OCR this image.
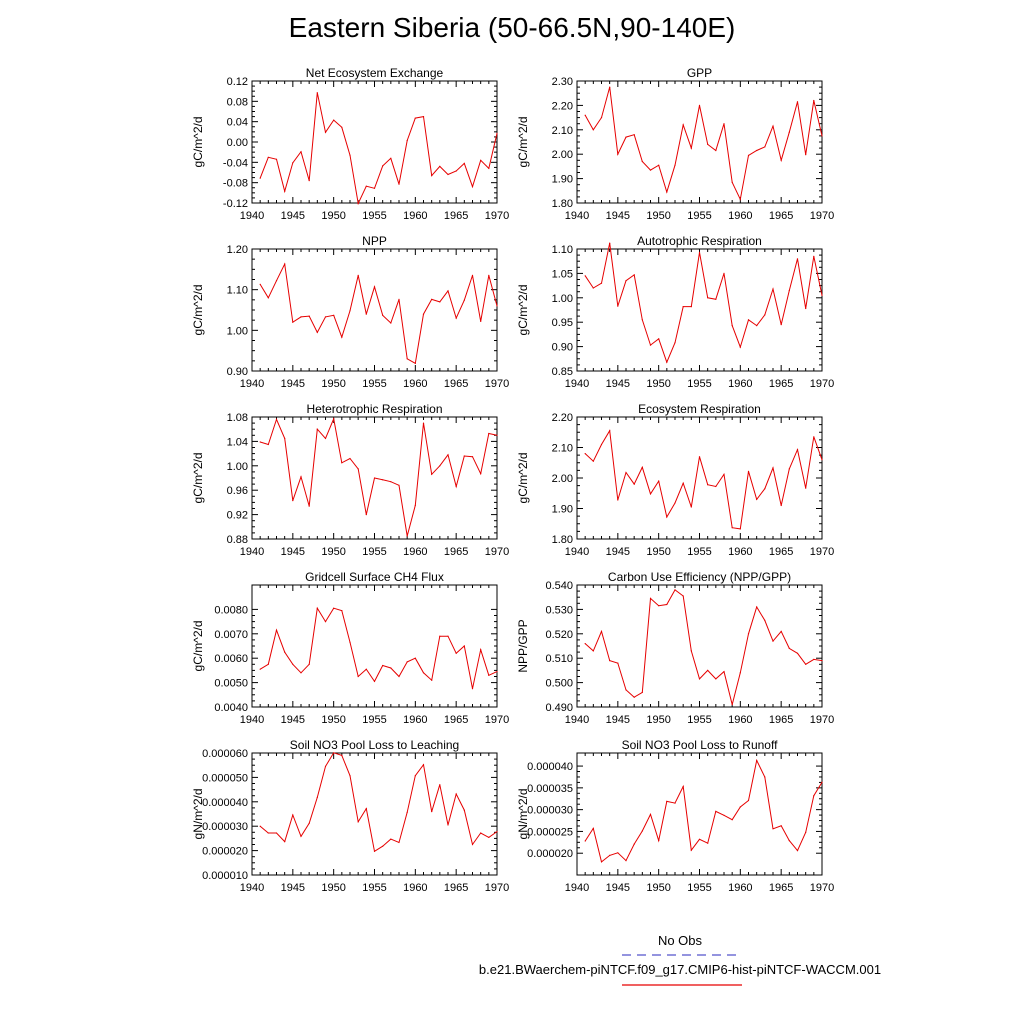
Eastern Siberia (50-66.5N,90-140E)
Net Ecosystem Exchange
gC/m^2/d
-0.12
-0.08
-0.04
0.00
0.04
0.08
0.12
1940 1945 1950 1955 1960 1965 1970
GPP
gC/m^2/d
1.80
1.90
2.00
2.10
2.20
2.30
1940 1945 1950 1955 1960 1965 1970
NPP
gC/m^2/d
0.90
1.00
1.10
1.20
1940 1945 1950 1955 1960 1965 1970
Autotrophic Respiration
gC/m^2/d
0.85
0.90
0.95
1.00
1.05
1.10
1940 1945 1950 1955 1960 1965 1970
Heterotrophic Respiration
gC/m^2/d
0.88
0.92
0.96
1.00
1.04
1.08
1940 1945 1950 1955 1960 1965 1970
Ecosystem Respiration
gC/m^2/d
1.80
1.90
2.00
2.10
2.20
1940 1945 1950 1955 1960 1965 1970
Gridcell Surface CH4 Flux
gC/m^2/d
0.0040
0.0050
0.0060
0.0070
0.0080
1940 1945 1950 1955 1960 1965 1970
Carbon Use Efficiency (NPP/GPP)
NPP/GPP
0.490
0.500
0.510
0.520
0.530
0.540
1940 1945 1950 1955 1960 1965 1970
Soil NO3 Pool Loss to Leaching
gN/m^2/d
0.000010
0.000020
0.000030
0.000040
0.000050
0.000060
1940 1945 1950 1955 1960 1965 1970
Soil NO3 Pool Loss to Runoff
gN/m^2/d
0.000020
0.000025
0.000030
0.000035
0.000040
1940 1945 1950 1955 1960 1965 1970
No Obs
b.e21.BWaerchem-piNTCF.f09_g17.CMIP6-hist-piNTCF-WACCM.001
